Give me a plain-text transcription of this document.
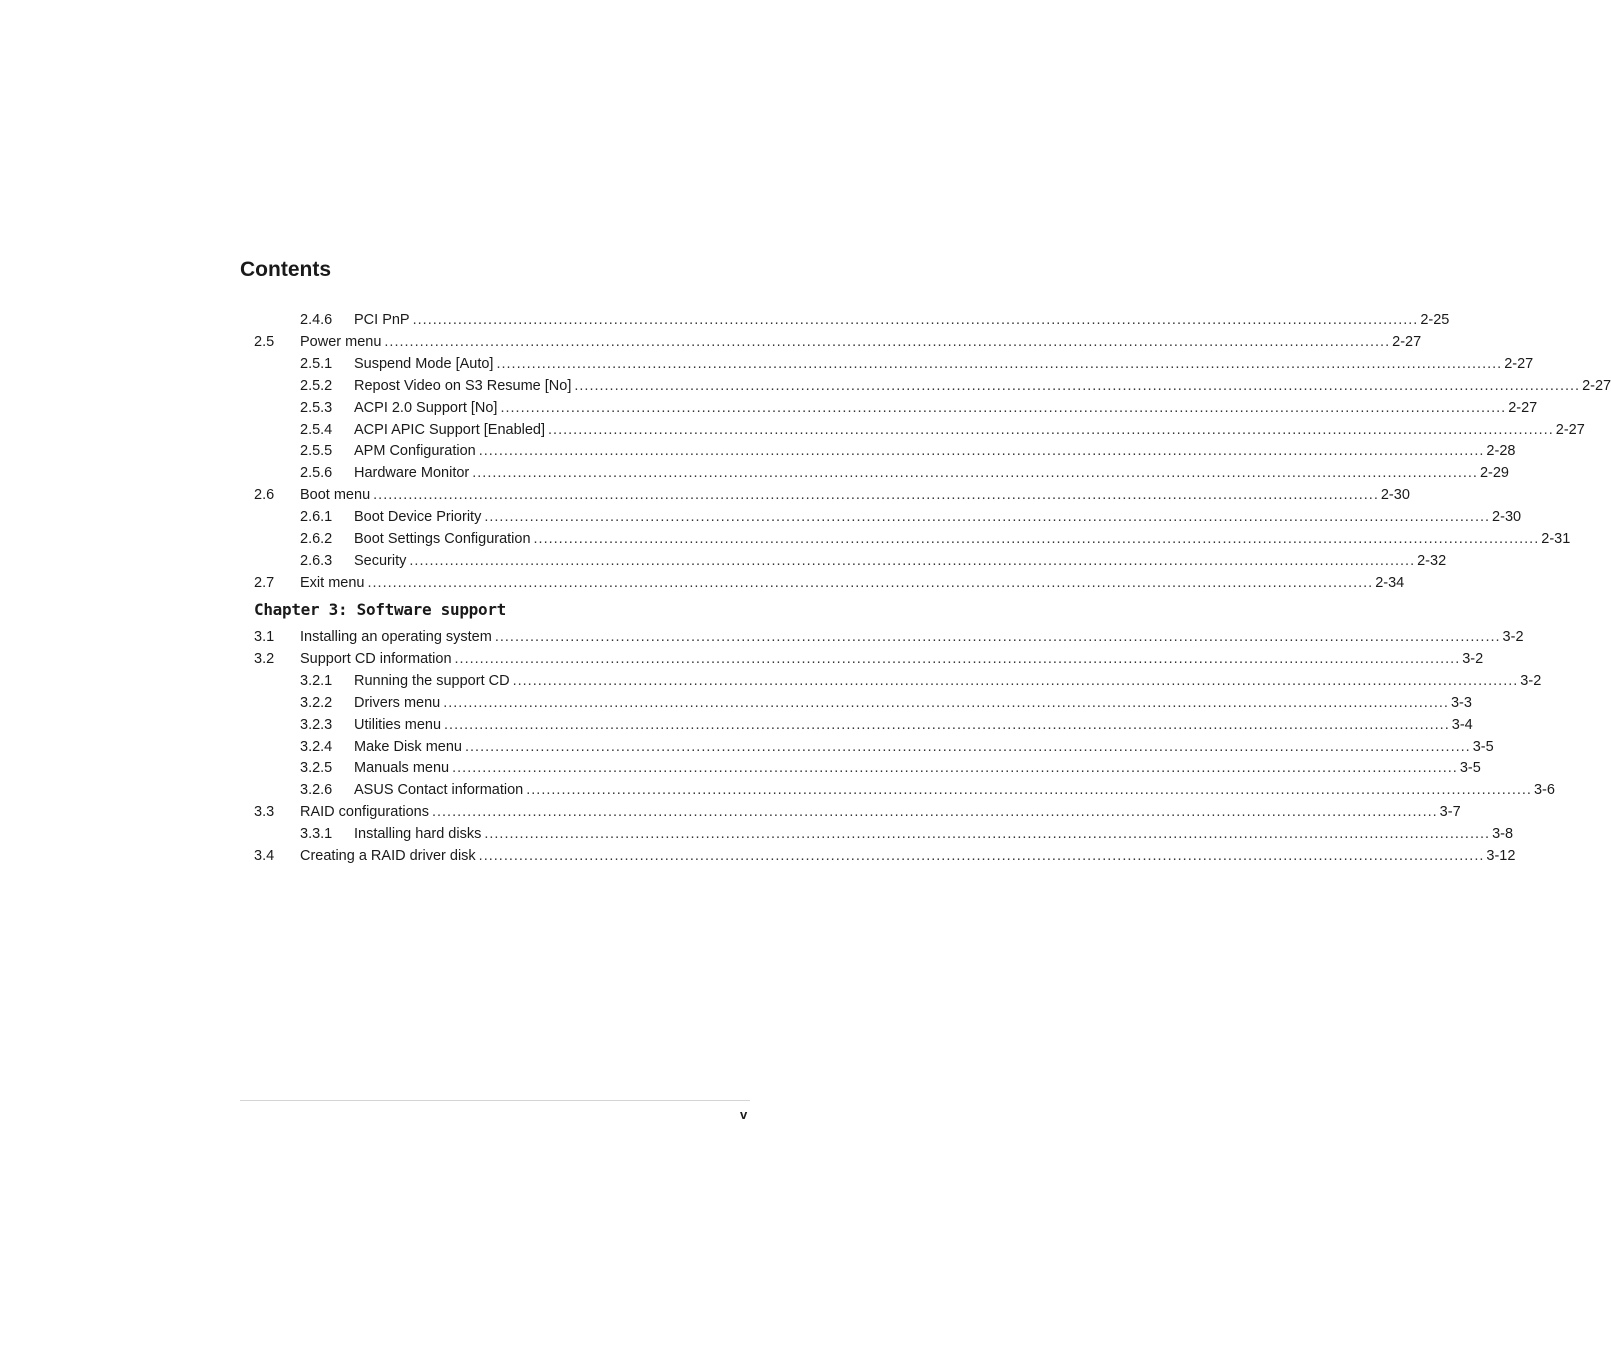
Contents
2.4.6 PCI PnP ........................................................................................................................................................................................................ 2-25
2.5 Power menu ........................................................................................................................................................................................................ 2-27
2.5.1 Suspend Mode [Auto] ........................................................................................................................................................................................................ 2-27
2.5.2 Repost Video on S3 Resume [No] ........................................................................................................................................................................................................ 2-27
2.5.3 ACPI 2.0 Support [No] ........................................................................................................................................................................................................ 2-27
2.5.4 ACPI APIC Support [Enabled] ........................................................................................................................................................................................................ 2-27
2.5.5 APM Configuration ........................................................................................................................................................................................................ 2-28
2.5.6 Hardware Monitor ........................................................................................................................................................................................................ 2-29
2.6 Boot menu ........................................................................................................................................................................................................ 2-30
2.6.1 Boot Device Priority ........................................................................................................................................................................................................ 2-30
2.6.2 Boot Settings Configuration ........................................................................................................................................................................................................ 2-31
2.6.3 Security ........................................................................................................................................................................................................ 2-32
2.7 Exit menu ........................................................................................................................................................................................................ 2-34
3.1 Installing an operating system ........................................................................................................................................................................................................ 3-2
3.2 Support CD information ........................................................................................................................................................................................................ 3-2
3.2.1 Running the support CD ........................................................................................................................................................................................................ 3-2
3.2.2 Drivers menu ........................................................................................................................................................................................................ 3-3
3.2.3 Utilities menu ........................................................................................................................................................................................................ 3-4
3.2.4 Make Disk menu ........................................................................................................................................................................................................ 3-5
3.2.5 Manuals menu ........................................................................................................................................................................................................ 3-5
3.2.6 ASUS Contact information ........................................................................................................................................................................................................ 3-6
3.3 RAID configurations ........................................................................................................................................................................................................ 3-7
3.3.1 Installing hard disks ........................................................................................................................................................................................................ 3-8
3.4 Creating a RAID driver disk ........................................................................................................................................................................................................ 3-12
Chapter 3: Software support
v
